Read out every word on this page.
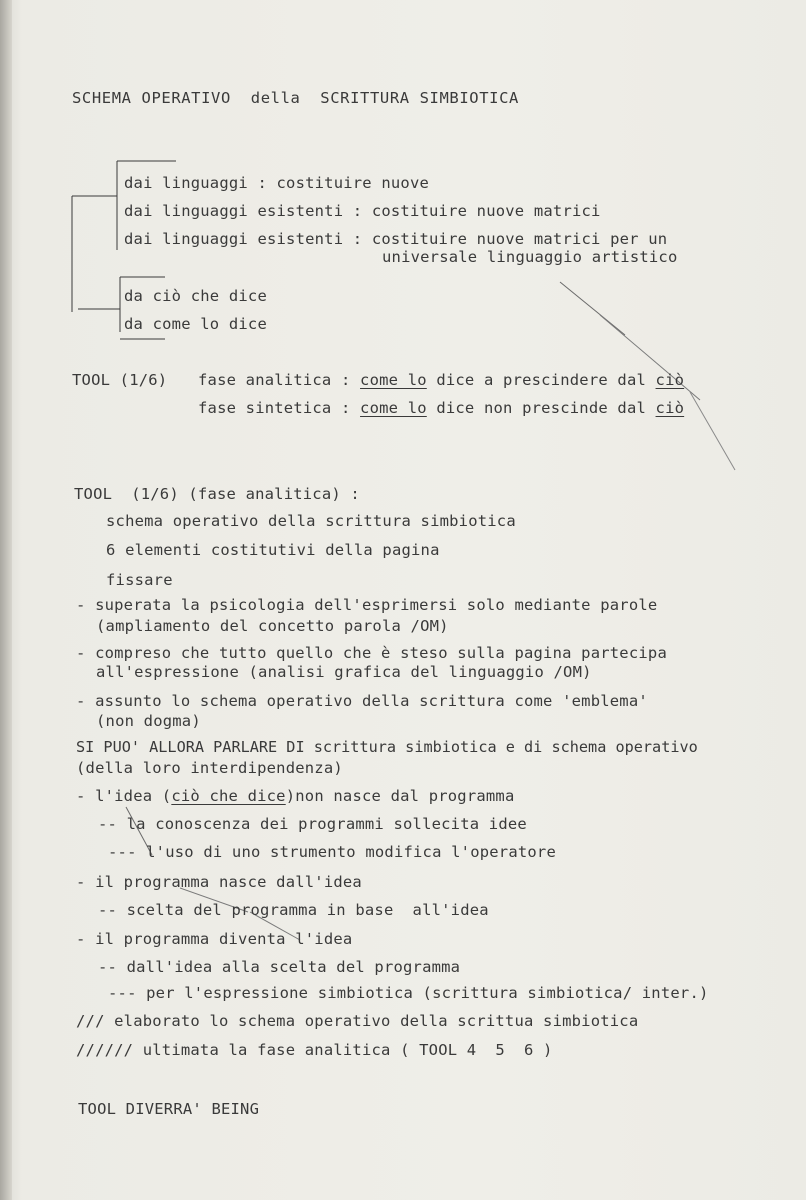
SCHEMA OPERATIVO  della  SCRITTURA SIMBIOTICA
dai linguaggi : costituire nuove
dai linguaggi esistenti : costituire nuove matrici
dai linguaggi esistenti : costituire nuove matrici per un
universale linguaggio artistico
da ciò che dice
da come lo dice
TOOL (1/6) fase analitica : come lo dice a prescindere dal ciò
fase sintetica : come lo dice non prescinde dal ciò
TOOL  (1/6) (fase analitica) :
schema operativo della scrittura simbiotica
6 elementi costitutivi della pagina
fissare
- superata la psicologia dell'esprimersi solo mediante parole
(ampliamento del concetto parola /OM)
- compreso che tutto quello che è steso sulla pagina partecipa
all'espressione (analisi grafica del linguaggio /OM)
- assunto lo schema operativo della scrittura come 'emblema'
(non dogma)
SI PUO' ALLORA PARLARE DI scrittura simbiotica e di schema operativo
(della loro interdipendenza)
- l'idea (ciò che dice)non nasce dal programma
-- la conoscenza dei programmi sollecita idee
--- l'uso di uno strumento modifica l'operatore
- il programma nasce dall'idea
-- scelta del programma in base  all'idea
- il programma diventa l'idea
-- dall'idea alla scelta del programma
--- per l'espressione simbiotica (scrittura simbiotica/ inter.)
/// elaborato lo schema operativo della scrittua simbiotica
////// ultimata la fase analitica ( TOOL 4  5  6 )
TOOL DIVERRA' BEING
